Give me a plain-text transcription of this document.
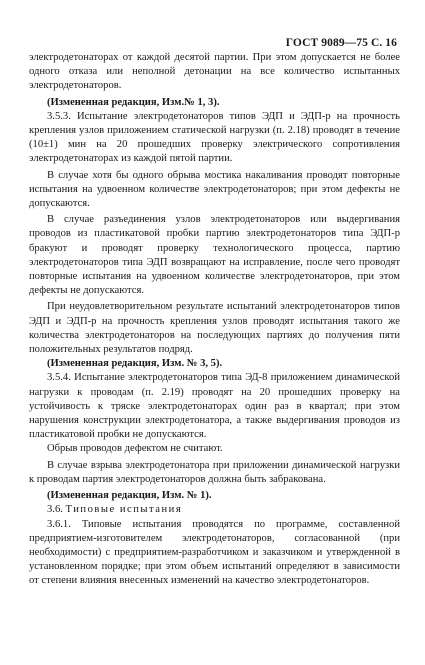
ГОСТ 9089—75 С. 16

электродетонаторах от каждой десятой партии. При этом допускается не более одного отказа или неполной детонации на все количество испытанных электродетонаторов.

(Измененная редакция, Изм.№ 1, 3).

3.5.3. Испытание электродетонаторов типов ЭДП и ЭДП-р на прочность крепления узлов приложением статической нагрузки (п. 2.18) проводят в течение (10±1) мин на 20 прошедших проверку электрического сопротивления электродетонаторах из каждой пятой партии.

В случае хотя бы одного обрыва мостика накаливания проводят повторные испытания на удвоенном количестве электродетонаторов; при этом дефекты не допускаются.

В случае разъединения узлов электродетонаторов или выдергивания проводов из пластикатовой пробки партию электродетонаторов типа ЭДП-р бракуют и проводят проверку технологического процесса, партию электродетонаторов типа ЭДП возвращают на исправление, после чего проводят повторные испытания на удвоенном количестве электродетонаторов, при этом дефекты не допускаются.

При неудовлетворительном результате испытаний электродетонаторов типов ЭДП и ЭДП-р на прочность крепления узлов проводят испытания такого же количества электродетонаторов на последующих партиях до получения пяти положительных результатов подряд.

(Измененная редакция, Изм. № 3, 5).

3.5.4. Испытание электродетонаторов типа ЭД-8 приложением динамической нагрузки к проводам (п. 2.19) проводят на 20 прошедших проверку на устойчивость к тряске электродетонаторах один раз в квартал; при этом нарушения конструкции электродетонатора, а также выдергивания проводов из пластикатовой пробки не допускаются.

Обрыв проводов дефектом не считают.

В случае взрыва электродетонатора при приложении динамической нагрузки к проводам партия электродетонаторов должна быть забракована.

(Измененная редакция, Изм. № 1).

3.6. Типовые испытания

3.6.1. Типовые испытания проводятся по программе, составленной предприятием-изготовителем электродетонаторов, согласованной (при необходимости) с предприятием-разработчиком и заказчиком и утвержденной в установленном порядке; при этом объем испытаний определяют в зависимости от степени влияния внесенных изменений на качество электродетонаторов.
